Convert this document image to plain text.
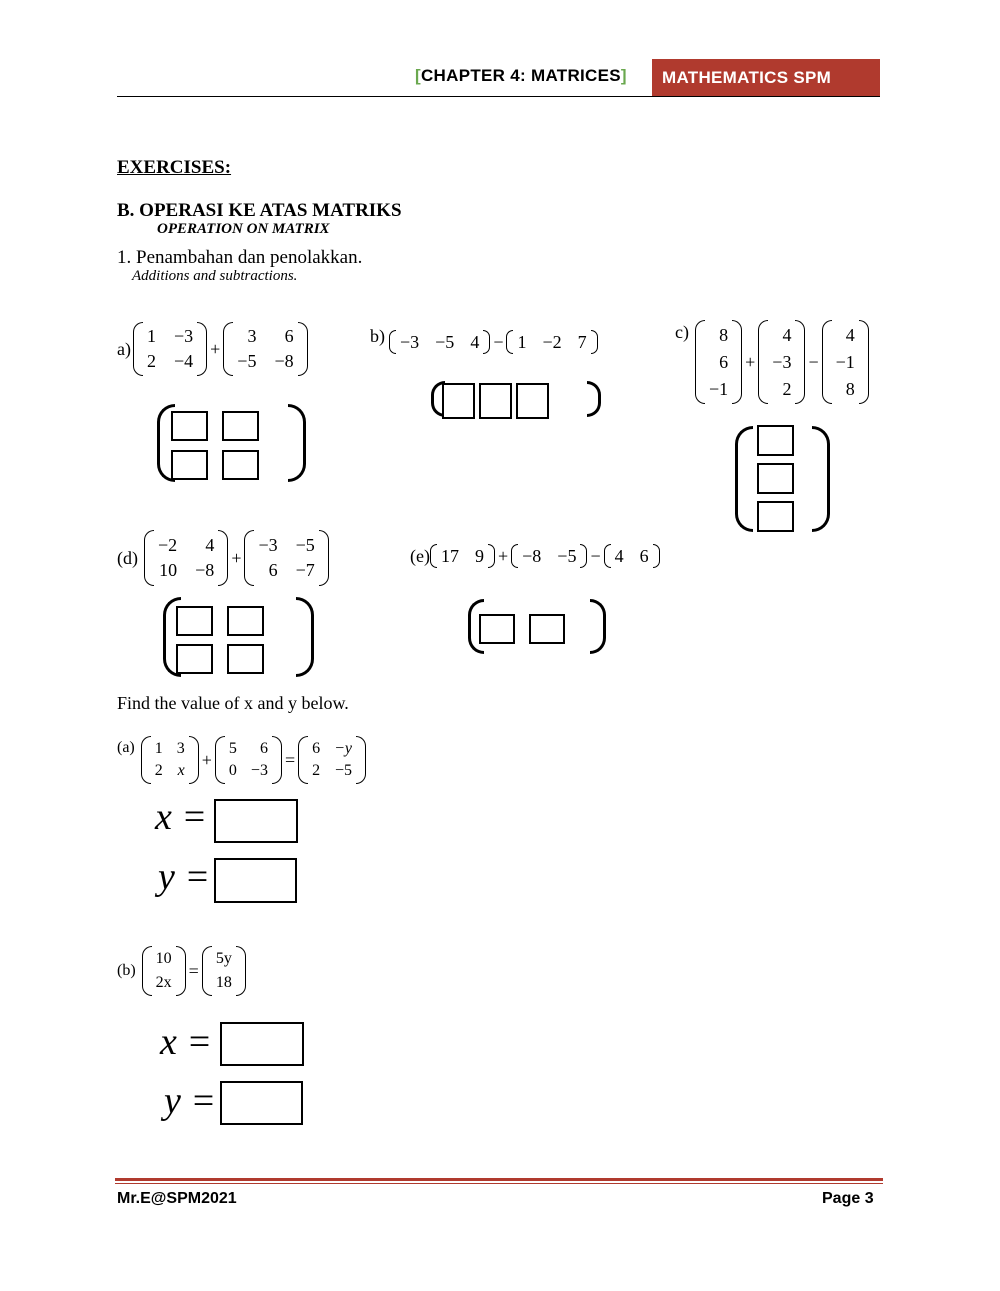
[CHAPTER 4: MATRICES]	MATHEMATICS SPM
EXERCISES:
B. OPERASI KE ATAS MATRIKS
OPERATION ON MATRIX
1. Penambahan dan penolakkan.
Additions and subtractions.
a)
1 −3
2 −4
+
3 6
−5 −8
b) −3 −5 4 − 1 −2 7	c) 8
6
−1
+
4
−3
2
−
4
−1
8
(d)
−2 4
10 −8
+
−3 −5
6 −7
(e) 17 9 + −8 −5 − 4 6
Find the value of x and y below.
(a) 1 3
2 x
+
5 6
0 −3
=
6 −y
2 −5
x =
y =
(b)
10
2x
=
5y
18
x =
y =
Mr.E@SPM2021	Page 3
